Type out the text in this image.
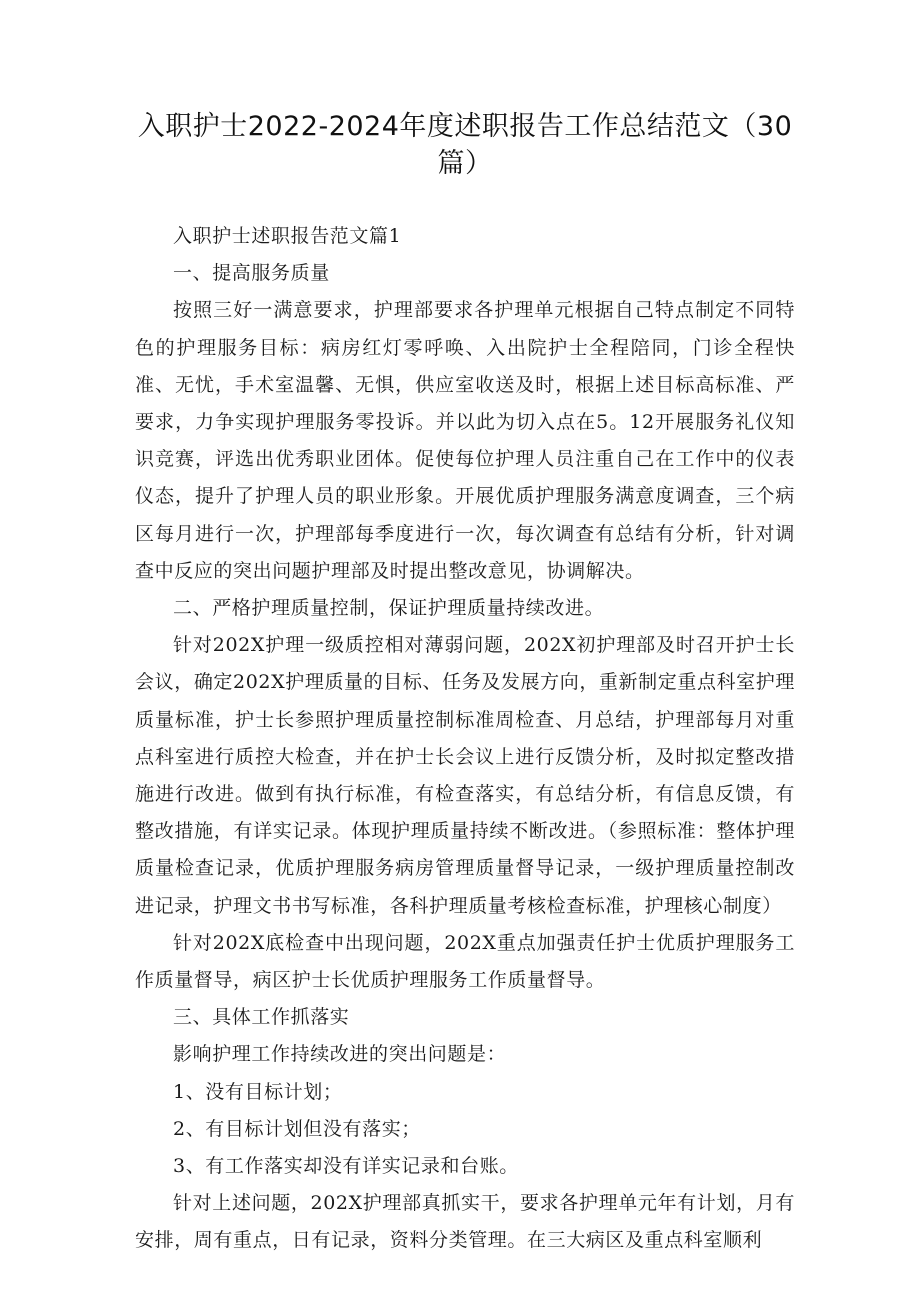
入职护士2022-2024年度述职报告工作总结范文（30
篇）

入职护士述职报告范文篇1

一、提高服务质量

按照三好一满意要求，护理部要求各护理单元根据自己特点制定不同特色的护理服务目标：病房红灯零呼唤、入出院护士全程陪同，门诊全程快准、无忧，手术室温馨、无惧，供应室收送及时，根据上述目标高标准、严要求，力争实现护理服务零投诉。并以此为切入点在5。12开展服务礼仪知识竞赛，评选出优秀职业团体。促使每位护理人员注重自己在工作中的仪表仪态，提升了护理人员的职业形象。开展优质护理服务满意度调查，三个病区每月进行一次，护理部每季度进行一次，每次调查有总结有分析，针对调查中反应的突出问题护理部及时提出整改意见，协调解决。

二、严格护理质量控制，保证护理质量持续改进。

针对202X护理一级质控相对薄弱问题，202X初护理部及时召开护士长会议，确定202X护理质量的目标、任务及发展方向，重新制定重点科室护理质量标准，护士长参照护理质量控制标准周检查、月总结，护理部每月对重点科室进行质控大检查，并在护士长会议上进行反馈分析，及时拟定整改措施进行改进。做到有执行标准，有检查落实，有总结分析，有信息反馈，有整改措施，有详实记录。体现护理质量持续不断改进。（参照标准：整体护理质量检查记录，优质护理服务病房管理质量督导记录，一级护理质量控制改进记录，护理文书书写标准，各科护理质量考核检查标准，护理核心制度）

针对202X底检查中出现问题，202X重点加强责任护士优质护理服务工作质量督导，病区护士长优质护理服务工作质量督导。

三、具体工作抓落实

影响护理工作持续改进的突出问题是：

1、没有目标计划；

2、有目标计划但没有落实；

3、有工作落实却没有详实记录和台账。

针对上述问题，202X护理部真抓实干，要求各护理单元年有计划，月有安排，周有重点，日有记录，资料分类管理。在三大病区及重点科室顺利
